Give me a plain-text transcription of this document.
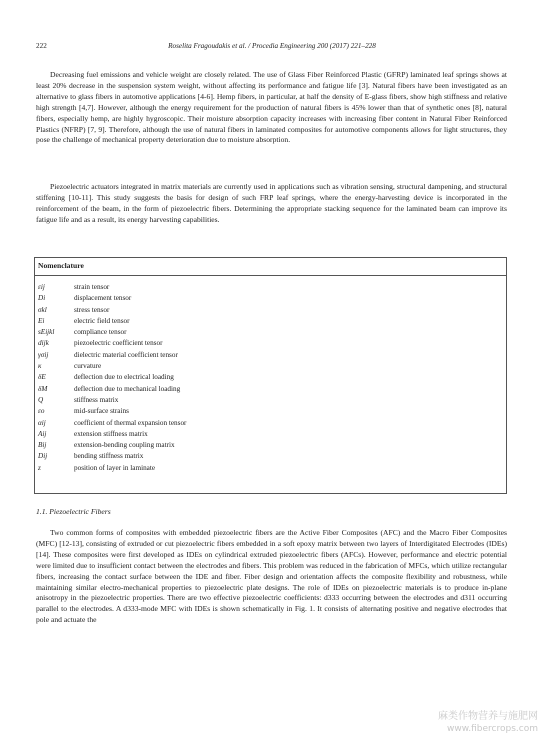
222	Roselita Fragoudakis et al. / Procedia Engineering 200 (2017) 221–228

Decreasing fuel emissions and vehicle weight are closely related. The use of Glass Fiber Reinforced Plastic (GFRP) laminated leaf springs shows at least 20% decrease in the suspension system weight, without affecting its performance and fatigue life [3]. Natural fibers have been investigated as an alternative to glass fibers in automotive applications [4-6]. Hemp fibers, in particular, at half the density of E-glass fibers, show high stiffness and relative high strength [4,7]. However, although the energy requirement for the production of natural fibers is 45% lower than that of synthetic ones [8], natural fibers, especially hemp, are highly hygroscopic. Their moisture absorption capacity increases with increasing fiber content in Natural Fiber Reinforced Plastics (NFRP) [7, 9]. Therefore, although the use of natural fibers in laminated composites for automotive components allows for light structures, they pose the challenge of mechanical property deterioration due to moisture absorption.

Piezoelectric actuators integrated in matrix materials are currently used in applications such as vibration sensing, structural dampening, and structural stiffening [10-11]. This study suggests the basis for design of such FRP leaf springs, where the energy-harvesting device is incorporated in the reinforcement of the beam, in the form of piezoelectric fibers. Determining the appropriate stacking sequence for the laminated beam can improve its fatigue life and as a result, its energy harvesting capabilities.

Nomenclature
εij	strain tensor
Di	displacement tensor
σkl	stress tensor
Ei	electric field tensor
sEijkl	compliance tensor
dijk	piezoelectric coefficient tensor
γσij	dielectric material coefficient tensor
κ	curvature
δE	deflection due to electrical loading
δM	deflection due to mechanical loading
Q	stiffness matrix
εo	mid-surface strains
αij	coefficient of thermal expansion tensor
Aij	extension stiffness matrix
Bij	extension-bending coupling matrix
Dij	bending stiffness matrix
z	position of layer in laminate
1.1. Piezoelectric Fibers

Two common forms of composites with embedded piezoelectric fibers are the Active Fiber Composites (AFC) and the Macro Fiber Composites (MFC) [12-13], consisting of extruded or cut piezoelectric fibers embedded in a soft epoxy matrix between two layers of Interdigitated Electrodes (IDEs) [14]. These composites were first developed as IDEs on cylindrical extruded piezoelectric fibers (AFCs). However, performance and electric potential were limited due to insufficient contact between the electrodes and fibers. This problem was reduced in the fabrication of MFCs, which utilize rectangular fibers, increasing the contact surface between the IDE and fiber. Fiber design and orientation affects the composite flexibility and robustness, while maintaining similar electro-mechanical properties to piezoelectric plate designs. The role of IDEs on piezoelectric materials is to produce in-plane anisotropy in the piezoelectric properties. There are two effective piezoelectric coefficients: d333 occurring between the electrodes and d311 occurring parallel to the electrodes. A d333-mode MFC with IDEs is shown schematically in Fig. 1. It consists of alternating positive and negative electrodes that pole and actuate the

麻类作物营养与施肥网
www.fibercrops.com
